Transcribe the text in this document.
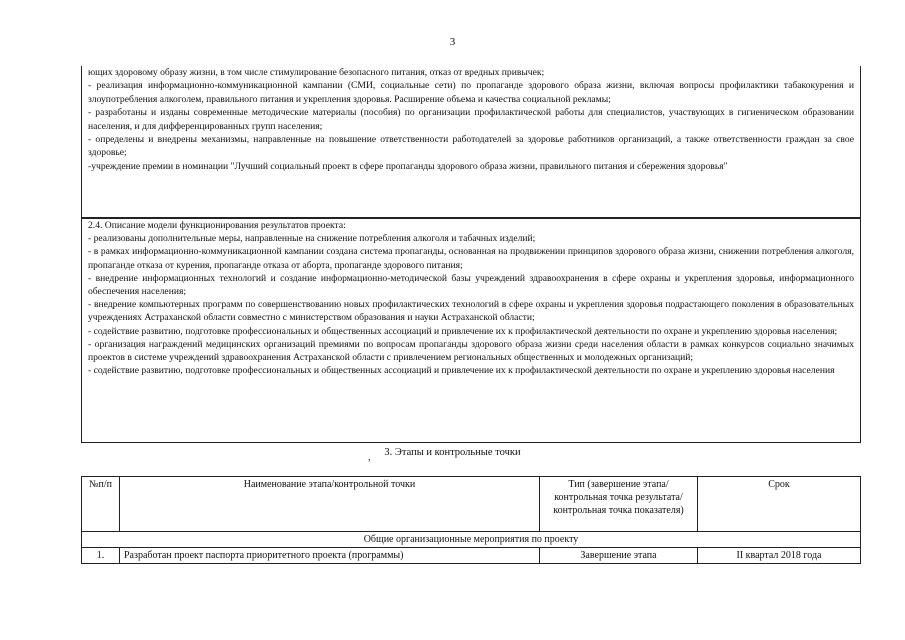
3

ющих здоровому образу жизни, в том числе стимулирование безопасного питания, отказ от вредных привычек;

- реализация информационно-коммуникационной кампании (СМИ, социальные сети) по пропаганде здорового образа жизни, включая вопросы профилактики табакокурения и злоупотребления алкоголем, правильного питания и укрепления здоровья. Расширение объема и качества социальной рекламы;

- разработаны и изданы современные методические материалы (пособия) по организации профилактической работы для специалистов, участвующих в гигиеническом образовании населения, и для дифференцированных групп населения;

- определены и внедрены механизмы, направленные на повышение ответственности работодателей за здоровье работников организаций, а также ответственности граждан за свое здоровье;

-учреждение премии в номинации "Лучший социальный проект в сфере пропаганды здорового образа жизни, правильного питания и сбережения здоровья"

2.4. Описание модели функционирования результатов проекта:

- реализованы дополнительные меры, направленные на снижение потребления алкоголя и табачных изделий;

- в рамках информационно-коммуникационной кампании создана система пропаганды, основанная на продвижении принципов здорового образа жизни, снижении потребления алкоголя, пропаганде отказа от курения, пропаганде отказа от аборта, пропаганде здорового питания;

- внедрение информационных технологий и создание информационно-методической базы учреждений здравоохранения в сфере охраны и укрепления здоровья, информационного обеспечения населения;

- внедрение компьютерных программ по совершенствованию новых профилактических технологий в сфере охраны и укрепления здоровья подрастающего поколения в образовательных учреждениях Астраханской области совместно с министерством образования и науки Астраханской области;

- содействие развитию, подготовке профессиональных и общественных ассоциаций и привлечение их к профилактической деятельности по охране и укреплению здоровья населения;

- организация награждений медицинских организаций премиями по вопросам пропаганды здорового образа жизни среди населения области в рамках конкурсов социально значимых проектов в системе учреждений здравоохранения Астраханской области с привлечением региональных общественных и молодежных организаций;

- содействие развитию, подготовке профессиональных и общественных ассоциаций и привлечение их к профилактической деятельности по охране и укреплению здоровья населения

,	3. Этапы и контрольные точки
№п/п	Наименование этапа/контрольной точки	Тип (завершение этапа/контрольная точка результата/контрольная точка показателя)	Срок
Общие организационные мероприятия по проекту			
1.	Разработан проект паспорта приоритетного проекта (программы)	Завершение этапа	II квартал 2018 года
